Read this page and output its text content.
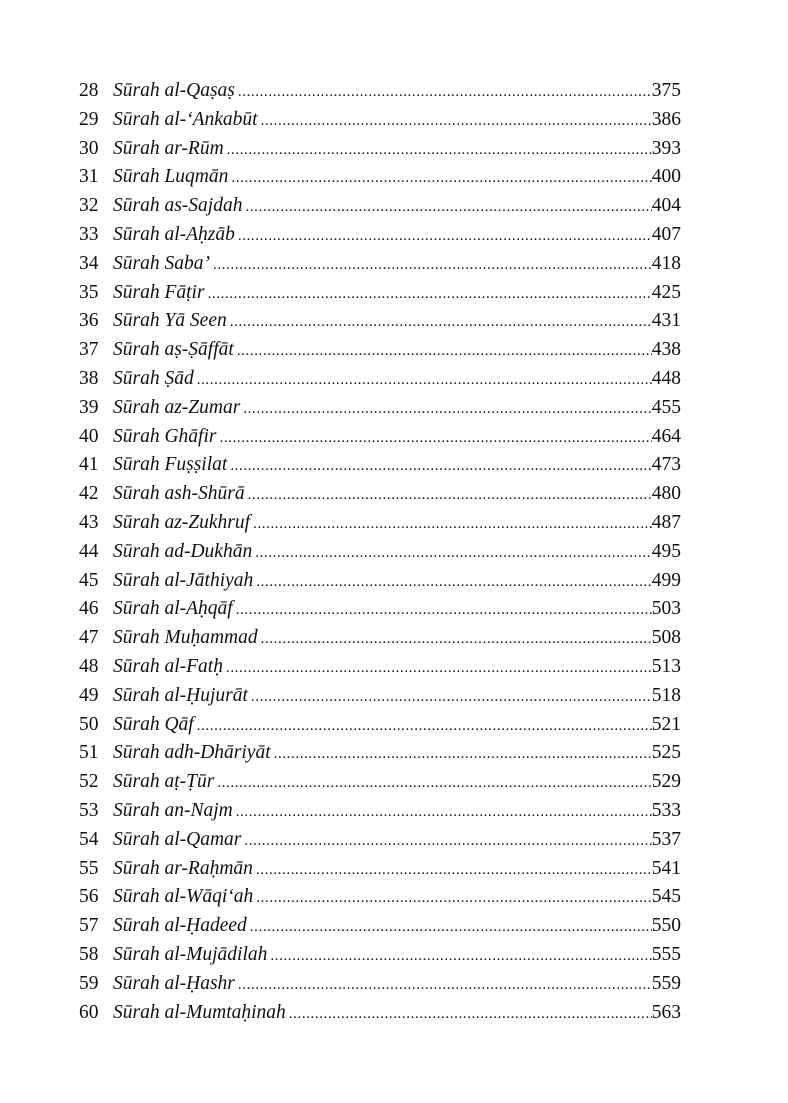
28 Sūrah al-Qaṣaṣ .....	375
29 Sūrah al-‘Ankabūt .....	386
30 Sūrah ar-Rūm .....	393
31 Sūrah Luqmān .....	400
32 Sūrah as-Sajdah .....	404
33 Sūrah al-Aḥzāb .....	407
34 Sūrah Saba’ .....	418
35 Sūrah Fāṭir .....	425
36 Sūrah Yā Seen .....	431
37 Sūrah aṣ-Ṣāffāt .....	438
38 Sūrah Ṣād .....	448
39 Sūrah az-Zumar .....	455
40 Sūrah Ghāfir .....	464
41 Sūrah Fuṣṣilat .....	473
42 Sūrah ash-Shūrā .....	480
43 Sūrah az-Zukhruf .....	487
44 Sūrah ad-Dukhān .....	495
45 Sūrah al-Jāthiyah .....	499
46 Sūrah al-Aḥqāf .....	503
47 Sūrah Muḥammad .....	508
48 Sūrah al-Fatḥ .....	513
49 Sūrah al-Ḥujurāt .....	518
50 Sūrah Qāf .....	521
51 Sūrah adh-Dhāriyāt .....	525
52 Sūrah aṭ-Ṭūr .....	529
53 Sūrah an-Najm .....	533
54 Sūrah al-Qamar .....	537
55 Sūrah ar-Raḥmān .....	541
56 Sūrah al-Wāqi‘ah .....	545
57 Sūrah al-Ḥadeed .....	550
58 Sūrah al-Mujādilah .....	555
59 Sūrah al-Ḥashr .....	559
60 Sūrah al-Mumtaḥinah .....	563
